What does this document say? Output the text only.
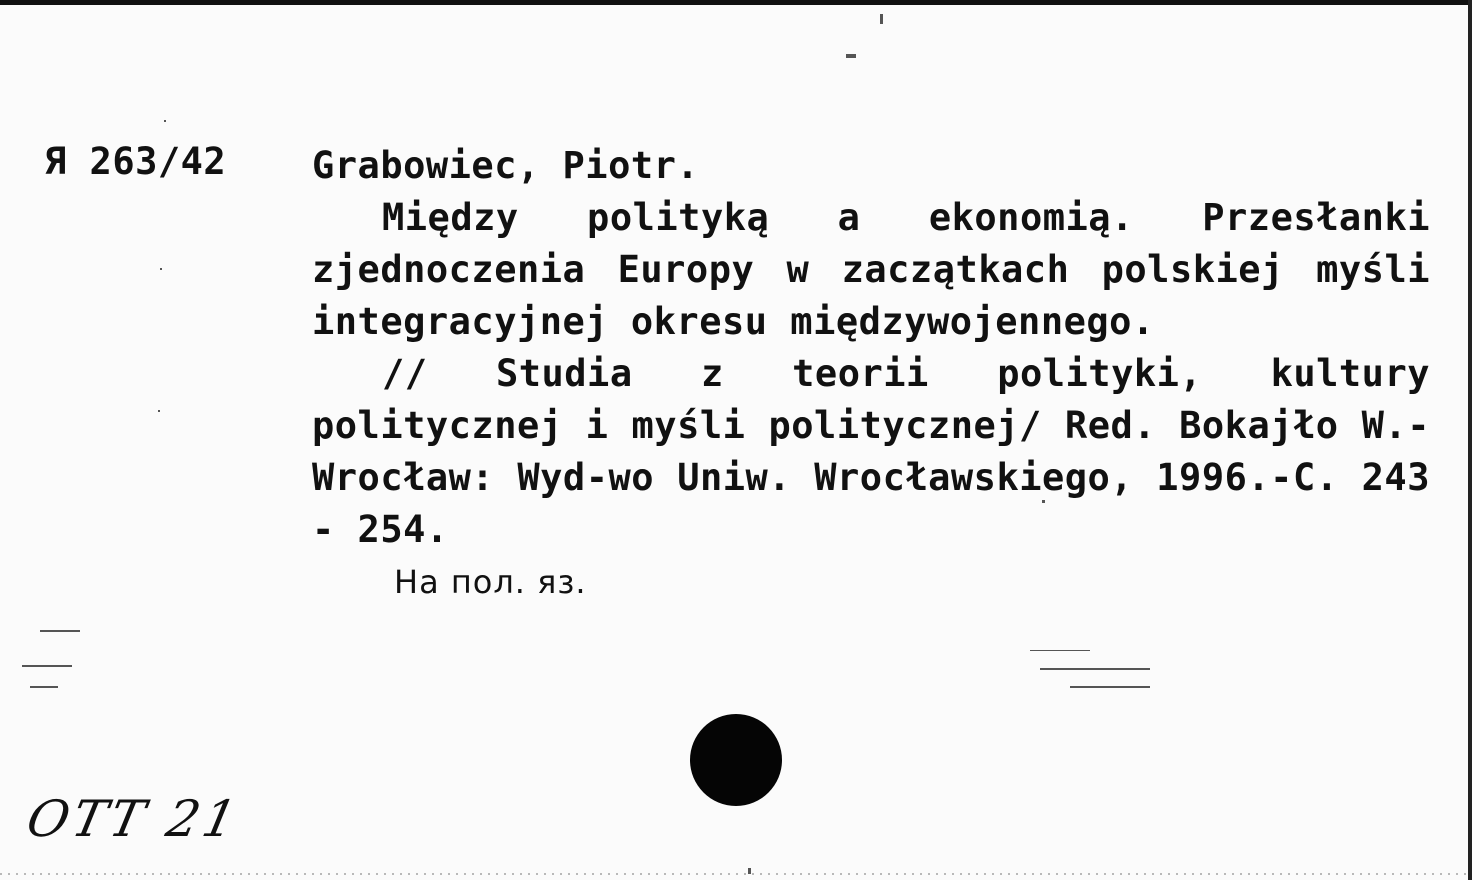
Я 263/42 Grabowiec, Piotr.
Między polityką a ekonomią. Przesłanki zjednoczenia Europy w zaczątkach polskiej myśli integracyjnej okresu międzywojennego.
// Studia z teorii polityki, kultury politycznej i myśli politycznej/ Red. Bokajło W.- Wrocław: Wyd-wo Uniw. Wrocławskiego, 1996.-С. 243 - 254.
На пол. яз.
ОТТ 21
